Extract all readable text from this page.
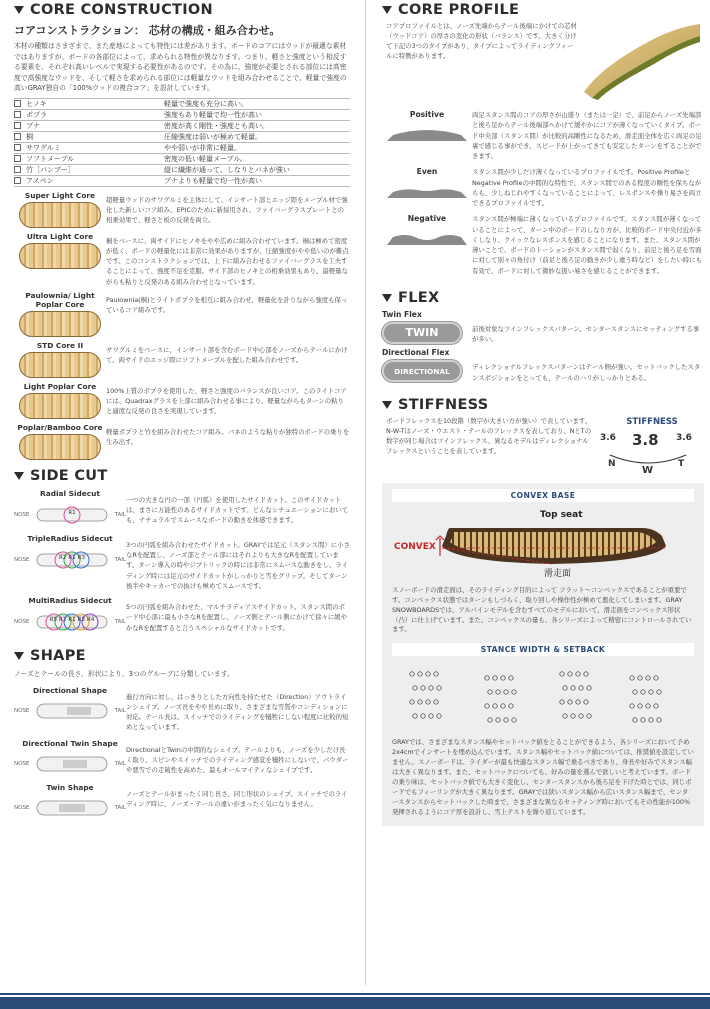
CORE CONSTRUCTION
コアコンストラクション： 芯材の構成・組み合わせ。
木材の種類はさまざまで、また産地によっても特性には差があります。ボードのコアにはウッドが最適な素材ではありますが、ボードの各部位によって、求められる特性が異なります。つまり、軽さと強度という相反する要素を、それぞれ高いレベルで実現する必要性があるのです。その為に、強度が必要とされる部位には高密度で高強度なウッドを、そして軽さを求められる部位には軽量なウッドを組み合わせることで、軽量で強度の高いGRAY独自の「100%ウッドの複合コア」を設計しています。
ヒノキ	軽量で強度も充分に高い。
ポプラ	強度もあり軽量で均一性が高い
ブナ	密度が高く剛性・強度とも高い。
桐	圧縮強度は弱いが極めて軽量。
サワグルミ	やや弱いが非常に軽量。
ソフトメープル	密度の低い軽量メープル。
竹［バンブー］	縦に繊維が通って、しなりとバネが強い
アスペン	ブナよりも軽量で均一性が高い
Super Light Core	超軽量ウッドのサワグルミを主体にして、インサート部とエッジ際をメープル材で強化した新しいコア組み。EPICのために新採用され、ファイバーグラスプレートとの相乗効果で、軽さと板の反発を両立。
Ultra Light Core	桐をベースに、両サイドにヒノキをやや広めに組み合わせています。桐は極めて密度が低く、ボードの軽量化には非常に効果がありますが、圧縮強度がやや低いのが難点です。このコンストラクションでは、上下に組み合わせるファイバーグラスを工夫することによって、強度不足を克服。サイド部のヒノキとの相乗効果もあり、最軽量ながらも粘りと反発のある組み合わせとなっています。
Paulownia/ Light Poplar Core	Paulownia(桐)とライトポプラを相互に組み合わせ、軽量化を計りながら強度も保っているコア組みです。
STD Core II	サワグルミをベースに、インサート部を含むボード中心部をノーズからテールにかけて、両サイドのエッジ際にソフトメープルを配した組み合わせです。
Light Poplar Core	100%上質のポプラを使用した、軽さと強度のバランスが良いコア。このライトコアには、Quadraxグラスを上部に組み合わせる事により、軽量ながらもターンの粘りと適度な反発の良さを実現しています。
Poplar/Bamboo Core 軽量ポプラと竹を組み合わせたコア組み。バネのような粘りが独特のボードの乗りを生み出す。
SIDE CUT
Radial Sidecut
NOSE	R1	TAIL
一つの大きな円の一部（円弧）を使用したサイドカット。このサイドカットは、まさに万能性のあるサイドカットです。どんなシチュエーションにおいても、ナチュラルでスムースなボードの動きを体感できます。
TripleRadius Sidecut
NOSE	R2 R1 R3	TAIL
3つの円弧を組み合わせたサイドカット。GRAYでは足元（スタンス間）に小さなRを配置し、ノーズ部とテール部にはそれよりも大きなRを配置しています。ターン導入の時やジブトリックの時には非常にスムースな動きをし、ライディング時には足元のサイドカットがしっかりと雪をグリップ。そしてターン後半やキッカーでの抜けも極めてスムースです。
MultiRadius Sidecut
NOSE	R5 R2 R1 R3 R4	TAIL
5つの円弧を組み合わせた、マルチラディアスサイドカット。スタンス間のボード中心部に最も小さなRを配置し、ノーズ側とテール側にかけて徐々に緩やかなRを配置すると言うスペシャルなサイドカットです。
SHAPE
ノーズとテールの長さ、形状により、3つのグループに分類しています。
Directional Shape
NOSE	TAIL
進行方向に対し、はっきりとした方向性を持たせた（Direction）アウトラインシェイプ。ノーズ長をやや長めに取り、さまざまな雪質やコンディションに対応。テール長は、スイッチでのライディングを犠牲にしない程度に比較的短めとなっています。
Directional Twin Shape
NOSE	TAIL
DirectionalとTwinの中間的なシェイプ。テールよりも、ノーズを少しだけ長く取り、スピンやスイッチでのライディング感覚を犠牲にしないで、パウダーや悪雪での走破性を高めた、最もオールマイティなシェイプです。
Twin Shape
NOSE	TAIL
ノーズとテールがまったく同じ長さ、同じ形状のシェイプ。スイッチでのライディング時に、ノーズ・テールの違いがまったく気になりません。
CORE PROFILE
コアプロファイルとは、ノーズ先端からテール後端にかけての芯材（ウッドコア）の厚さの変化の形状（バランス）です。大きく分けて下記の3つのタイプがあり、タイプによってライディングフィールに特徴があります。
Positive	両足スタンス間のコアの厚さが山盛り（または一定）で、前足からノーズ先端部と後ろ足からテール後端部へかけて緩やかにコアが薄くなっていくタイプ。ボード中央部（スタンス間）が比較的高剛性になるため、滑走面全体を広く両足の足裏で感じる事ができ、スピードが上がってきても安定したターンをすることができます。
Even	スタンス間が少しだけ薄くなっているプロファイルです。Positive ProfileとNegative Profileの中間的な特性で、スタンス間でのある程度の剛性を保ちながらも、少しねじれやすくなっていることによって、レスポンスや操り易さを両立できるプロファイルです。
Negative	スタンス間が極端に薄くなっているプロファイルです。スタンス間が薄くなっていることによって、ターン中のボードのしなり方が、比較的ボード中央付近が多くしなり、クイックなレスポンスを感じることになります。また、スタンス間が薄いことで、ボードのトーションがスタンス間で弱くなり、前足と後ろ足を雪面に対して別々の角付け（前足と後ろ足の動きが少し違う時など）をしたい時にも有効で、ボードに対して微妙な扱い易さを感じることができます。
FLEX
Twin Flex
TWIN	前後対象なツインフレックスパターン。センタースタンスにセッティングする事が多い。
Directional Flex
DIRECTIONAL	ディレクショナルフレックスパターンはテール側が強い。セットバックしたスタンスポジションをとっても、テールのハリがしっかりとある。
STIFFNESS
ボードフレックスを10段階（数字が大きい方が強い）で表しています。N-W-Tはノーズ・ウエスト・テールのフレックスを表しており、NとTの数字が同じ場合はツインフレックス、異なるモデルはディレクショナルフレックスということを表しています。
STIFFNESS
3.6 3.8 3.6
N
W
T
CONVEX BASE
Top seat
CONVEX
滑走面
スノーボードの滑走面は、そのライディング目的によって フラット〜コンベックスであることが重要です。コンベックス状態ではターンもしづらく、取り回しや操作性が極めて悪化してしまいます。GRAY SNOWBOARDSでは、アルパインモデルを含むすべてのモデルにおいて、滑走面をコンベックス形状（凸）に仕上げています。また、コンベックスの量も、各シリーズによって精密にコントロールされています。
STANCE WIDTH & SETBACK
GRAYでは、さまざまなスタンス幅やセットバック値をとることができるよう、各シリーズにおいて予め2x4cmでインサートを埋め込んでいます。スタンス幅やセットバック値については、推奨値を設定していません。スノーボードは、ライダーが最も快適なスタンス幅で乗るべきであり、身長や好みでスタンス幅は大きく異なります。また、セットバックについても、好みの量を選んで欲しいと考えています。ボードの乗り味は、セットバック値でも大きく変化し、センタースタンスから後ろ足を下げた時とでは、同じボードでもフィーリングが大きく異なります。GRAYでは狭いスタンス幅から広いスタンス幅まで、センタースタンスからセットバックした時まで、さまざまな異なるセッティング時においてもその性能が100%発揮されるようにコア厚を設計し、雪上テストを繰り返しています。
